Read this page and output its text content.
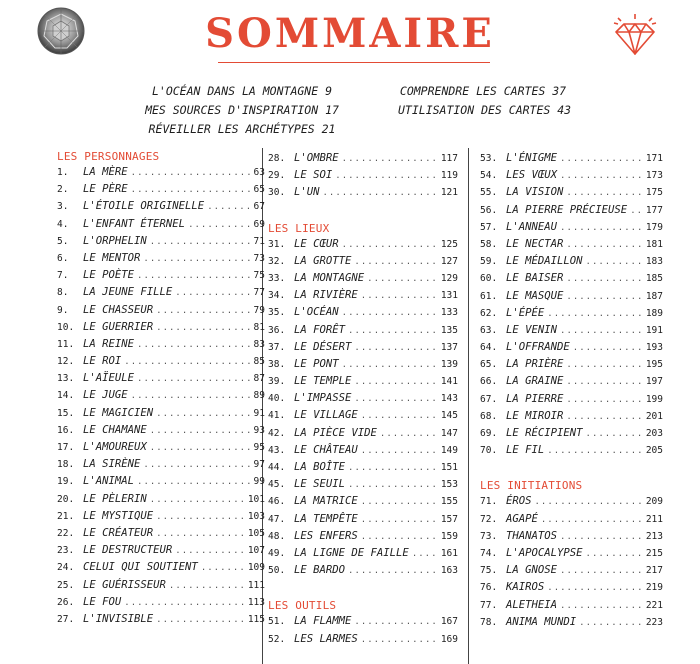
SOMMAIRE
L'OCÉAN DANS LA MONTAGNE 9
MES SOURCES D'INSPIRATION 17
RÉVEILLER LES ARCHÉTYPES 21
COMPRENDRE LES CARTES 37
UTILISATION DES CARTES 43
LES PERSONNAGES
1.	LA MÈRE .....	63
2.	LE PÈRE .....	65
3.	L'ÉTOILE ORIGINELLE .....	67
4.	L'ENFANT ÉTERNEL .....	69
5.	L'ORPHELIN .....	71
6.	LE MENTOR .....	73
7.	LE POÈTE .....	75
8.	LA JEUNE FILLE .....	77
9.	LE CHASSEUR .....	79
10. LE GUERRIER .....	81
11. LA REINE .....	83
12. LE ROI .....	85
13. L'AÏEULE .....	87
14. LE JUGE .....	89
15. LE MAGICIEN .....	91
16. LE CHAMANE .....	93
17. L'AMOUREUX .....	95
18. LA SIRÈNE .....	97
19. L'ANIMAL .....	99
20. LE PÈLERIN .....	101
21. LE MYSTIQUE .....	103
22. LE CRÉATEUR .....	105
23. LE DESTRUCTEUR .....	107
24. CELUI QUI SOUTIENT .....	109
25. LE GUÉRISSEUR .....	111
26. LE FOU .....	113
27. L'INVISIBLE .....	115
28. L'OMBRE .....	117
29. LE SOI .....	119
30. L'UN .....	121
LES LIEUX
31. LE CŒUR .....	125
32. LA GROTTE .....	127
33. LA MONTAGNE .....	129
34. LA RIVIÈRE .....	131
35. L'OCÉAN .....	133
36. LA FORÊT .....	135
37. LE DÉSERT .....	137
38. LE PONT .....	139
39. LE TEMPLE .....	141
40. L'IMPASSE .....	143
41. LE VILLAGE .....	145
42. LA PIÈCE VIDE .....	147
43. LE CHÂTEAU .....	149
44. LA BOÎTE .....	151
45. LE SEUIL .....	153
46. LA MATRICE .....	155
47. LA TEMPÊTE .....	157
48. LES ENFERS .....	159
49. LA LIGNE DE FAILLE .....	161
50. LE BARDO .....	163
LES OUTILS
51. LA FLAMME .....	167
52. LES LARMES .....	169
53. L'ÉNIGME .....	171
54. LES VŒUX .....	173
55. LA VISION .....	175
56. LA PIERRE PRÉCIEUSE ..... 177
57. L'ANNEAU .....	179
58. LE NECTAR .....	181
59. LE MÉDAILLON .....	183
60. LE BAISER .....	185
61. LE MASQUE .....	187
62. L'ÉPÉE .....	189
63. LE VENIN .....	191
64. L'OFFRANDE .....	193
65. LA PRIÈRE .....	195
66. LA GRAINE .....	197
67. LA PIERRE .....	199
68. LE MIROIR .....	201
69. LE RÉCIPIENT .....	203
70. LE FIL .....	205
LES INITIATIONS
71. ÉROS .....	209
72. AGAPÉ .....	211
73. THANATOS .....	213
74. L'APOCALYPSE .....	215
75. LA GNOSE .....	217
76. KAIROS .....	219
77. ALETHEIA .....	221
78. ANIMA MUNDI .....	223
